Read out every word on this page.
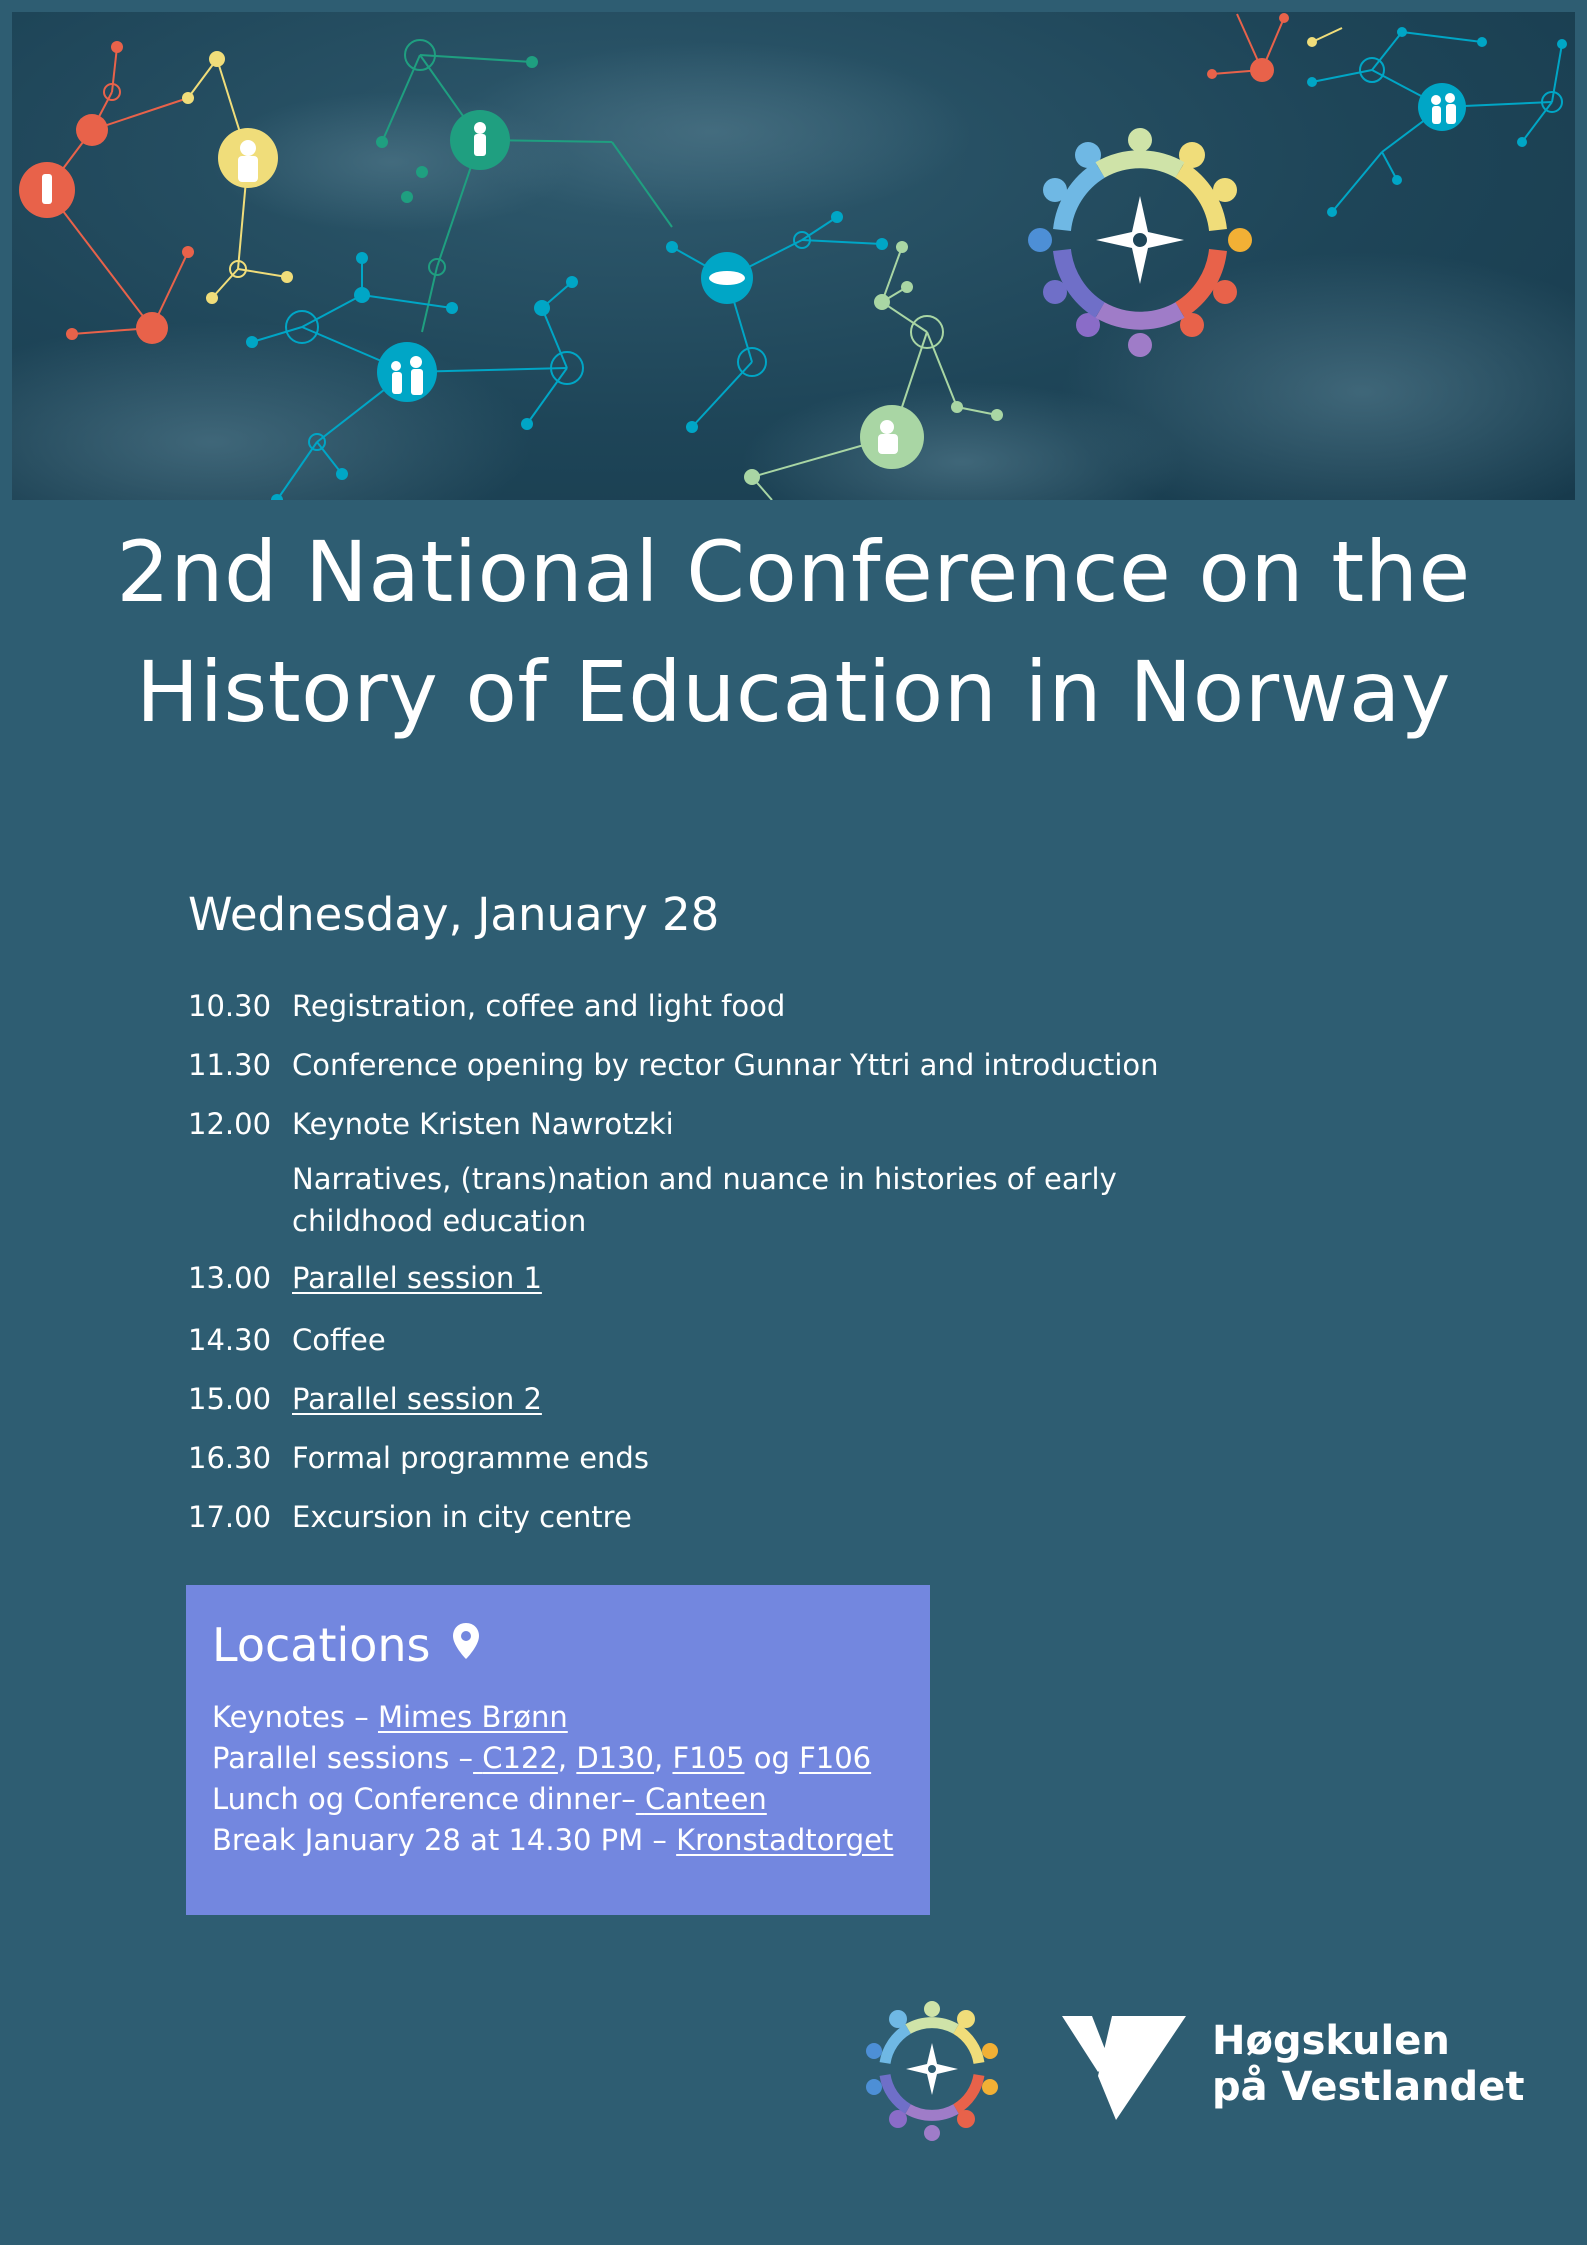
2nd National Conference on the
History of Education in Norway
Wednesday, January 28
10.30 Registration, coffee and light food
11.30 Conference opening by rector Gunnar Yttri and introduction
12.00 Keynote Kristen Nawrotzki
Narratives, (trans)nation and nuance in histories of early childhood education
13.00 Parallel session 1
14.30 Coffee
15.00 Parallel session 2
16.30 Formal programme ends
17.00 Excursion in city centre
Locations
Keynotes – Mimes Brønn
Parallel sessions – C122, D130, F105 og F106
Lunch og Conference dinner– Canteen
Break January 28 at 14.30 PM – Kronstadtorget
Høgskulen
på Vestlandet
